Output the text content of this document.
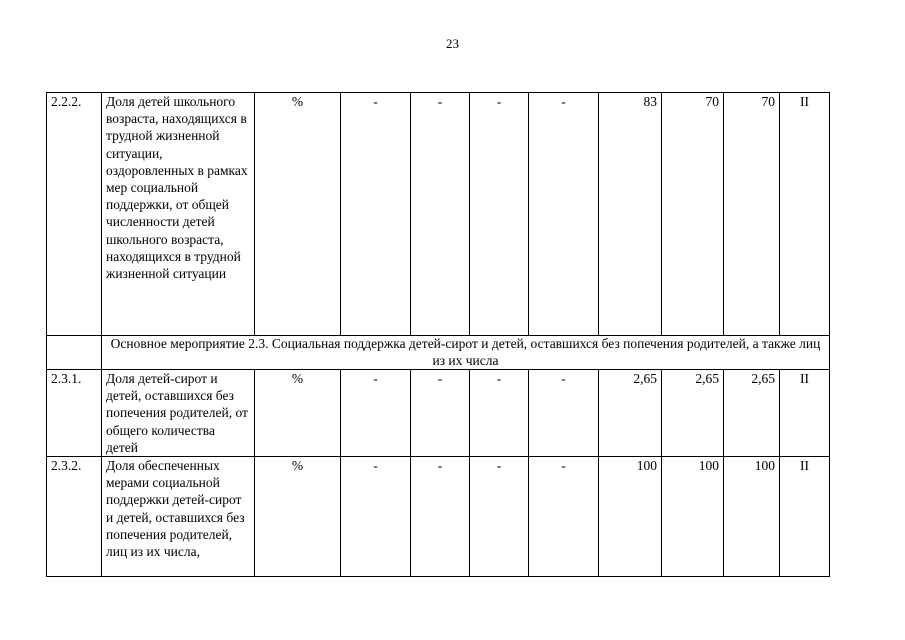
23
2.2.2.	Доля детей школьного возраста, находящихся в трудной жизненной ситуации, оздоровленных в рамках мер социальной поддержки, от общей численности детей школьного возраста, находящихся в трудной жизненной ситуации	%	-	-	-	-	83	70	70	II
	Основное мероприятие 2.3. Социальная поддержка детей-сирот и детей, оставшихся без попечения родителей, а также лиц из их числа									
2.3.1.	Доля детей-сирот и детей, оставшихся без попечения родителей, от общего количества детей	%	-	-	-	-	2,65	2,65	2,65	II
2.3.2.	Доля обеспеченных мерами социальной поддержки детей-сирот и детей, оставшихся без попечения родителей, лиц из их числа,	%	-	-	-	-	100	100	100	II
